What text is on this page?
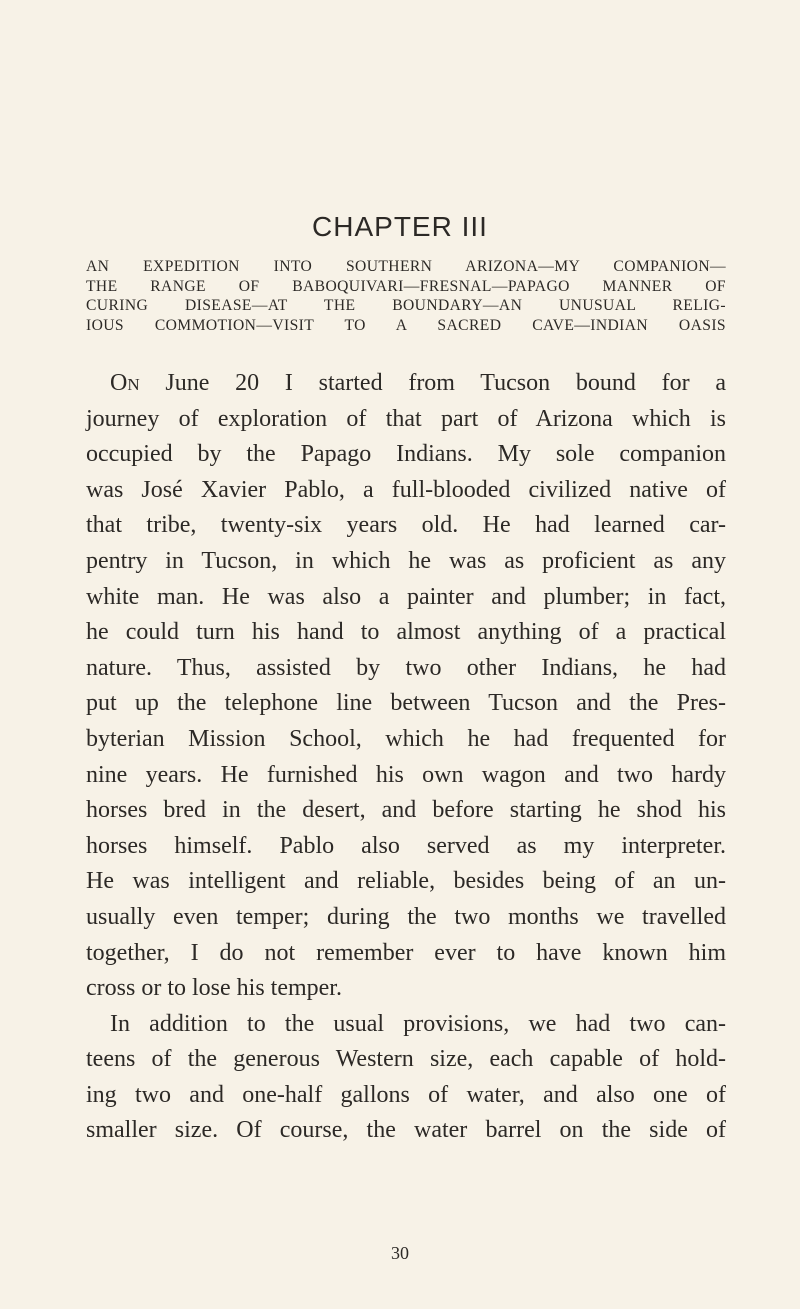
CHAPTER III
AN EXPEDITION INTO SOUTHERN ARIZONA—MY COMPANION—
THE RANGE OF BABOQUIVARI—FRESNAL—PAPAGO MANNER OF
CURING DISEASE—AT THE BOUNDARY—AN UNUSUAL RELIG-
IOUS COMMOTION—VISIT TO A SACRED CAVE—INDIAN OASIS
On June 20 I started from Tucson bound for a
journey of exploration of that part of Arizona which is
occupied by the Papago Indians. My sole companion
was José Xavier Pablo, a full-blooded civilized native of
that tribe, twenty-six years old. He had learned car-
pentry in Tucson, in which he was as proficient as any
white man. He was also a painter and plumber; in fact,
he could turn his hand to almost anything of a practical
nature. Thus, assisted by two other Indians, he had
put up the telephone line between Tucson and the Pres-
byterian Mission School, which he had frequented for
nine years. He furnished his own wagon and two hardy
horses bred in the desert, and before starting he shod his
horses himself. Pablo also served as my interpreter.
He was intelligent and reliable, besides being of an un-
usually even temper; during the two months we travelled
together, I do not remember ever to have known him
cross or to lose his temper.
In addition to the usual provisions, we had two can-
teens of the generous Western size, each capable of hold-
ing two and one-half gallons of water, and also one of
smaller size. Of course, the water barrel on the side of
30
